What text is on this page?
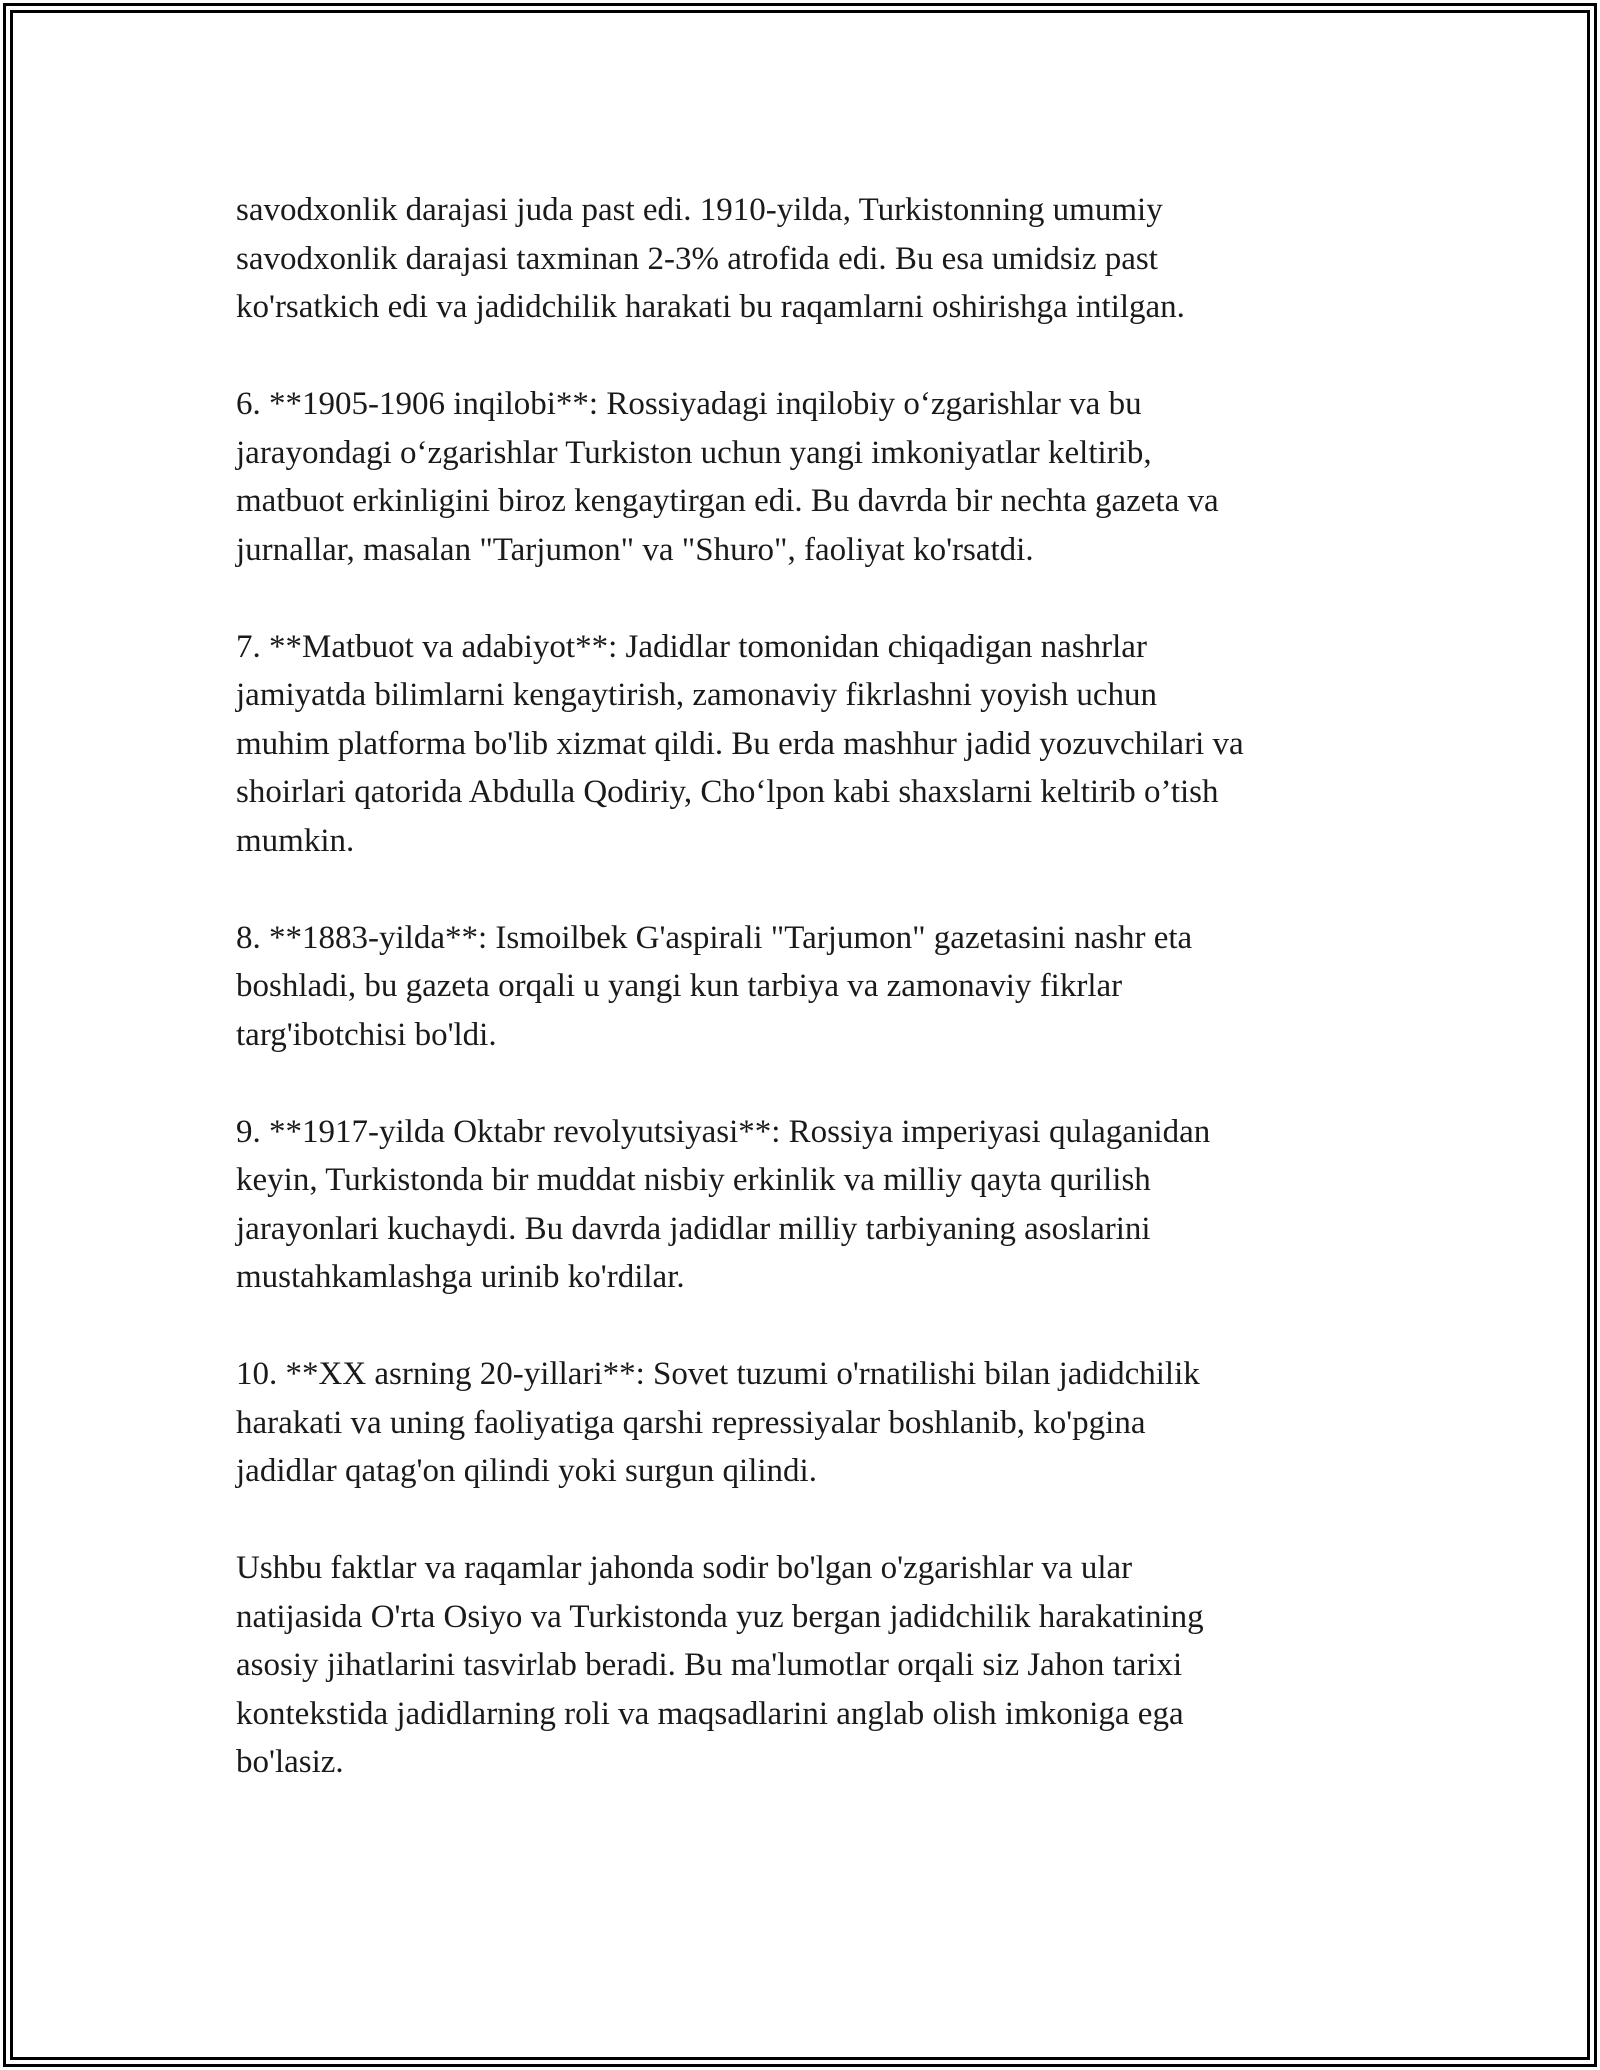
savodxonlik darajasi juda past edi. 1910-yilda, Turkistonning umumiy
savodxonlik darajasi taxminan 2-3% atrofida edi. Bu esa umidsiz past
ko'rsatkich edi va jadidchilik harakati bu raqamlarni oshirishga intilgan.

6. **1905-1906 inqilobi**: Rossiyadagi inqilobiy o‘zgarishlar va bu
jarayondagi o‘zgarishlar Turkiston uchun yangi imkoniyatlar keltirib,
matbuot erkinligini biroz kengaytirgan edi. Bu davrda bir nechta gazeta va
jurnallar, masalan "Tarjumon" va "Shuro", faoliyat ko'rsatdi.

7. **Matbuot va adabiyot**: Jadidlar tomonidan chiqadigan nashrlar
jamiyatda bilimlarni kengaytirish, zamonaviy fikrlashni yoyish uchun
muhim platforma bo'lib xizmat qildi. Bu erda mashhur jadid yozuvchilari va
shoirlari qatorida Abdulla Qodiriy, Cho‘lpon kabi shaxslarni keltirib o’tish
mumkin.

8. **1883-yilda**: Ismoilbek G'aspirali "Tarjumon" gazetasini nashr eta
boshladi, bu gazeta orqali u yangi kun tarbiya va zamonaviy fikrlar
targ'ibotchisi bo'ldi.

9. **1917-yilda Oktabr revolyutsiyasi**: Rossiya imperiyasi qulaganidan
keyin, Turkistonda bir muddat nisbiy erkinlik va milliy qayta qurilish
jarayonlari kuchaydi. Bu davrda jadidlar milliy tarbiyaning asoslarini
mustahkamlashga urinib ko'rdilar.

10. **XX asrning 20-yillari**: Sovet tuzumi o'rnatilishi bilan jadidchilik
harakati va uning faoliyatiga qarshi repressiyalar boshlanib, ko'pgina
jadidlar qatag'on qilindi yoki surgun qilindi.

Ushbu faktlar va raqamlar jahonda sodir bo'lgan o'zgarishlar va ular
natijasida O'rta Osiyo va Turkistonda yuz bergan jadidchilik harakatining
asosiy jihatlarini tasvirlab beradi. Bu ma'lumotlar orqali siz Jahon tarixi
kontekstida jadidlarning roli va maqsadlarini anglab olish imkoniga ega
bo'lasiz.
